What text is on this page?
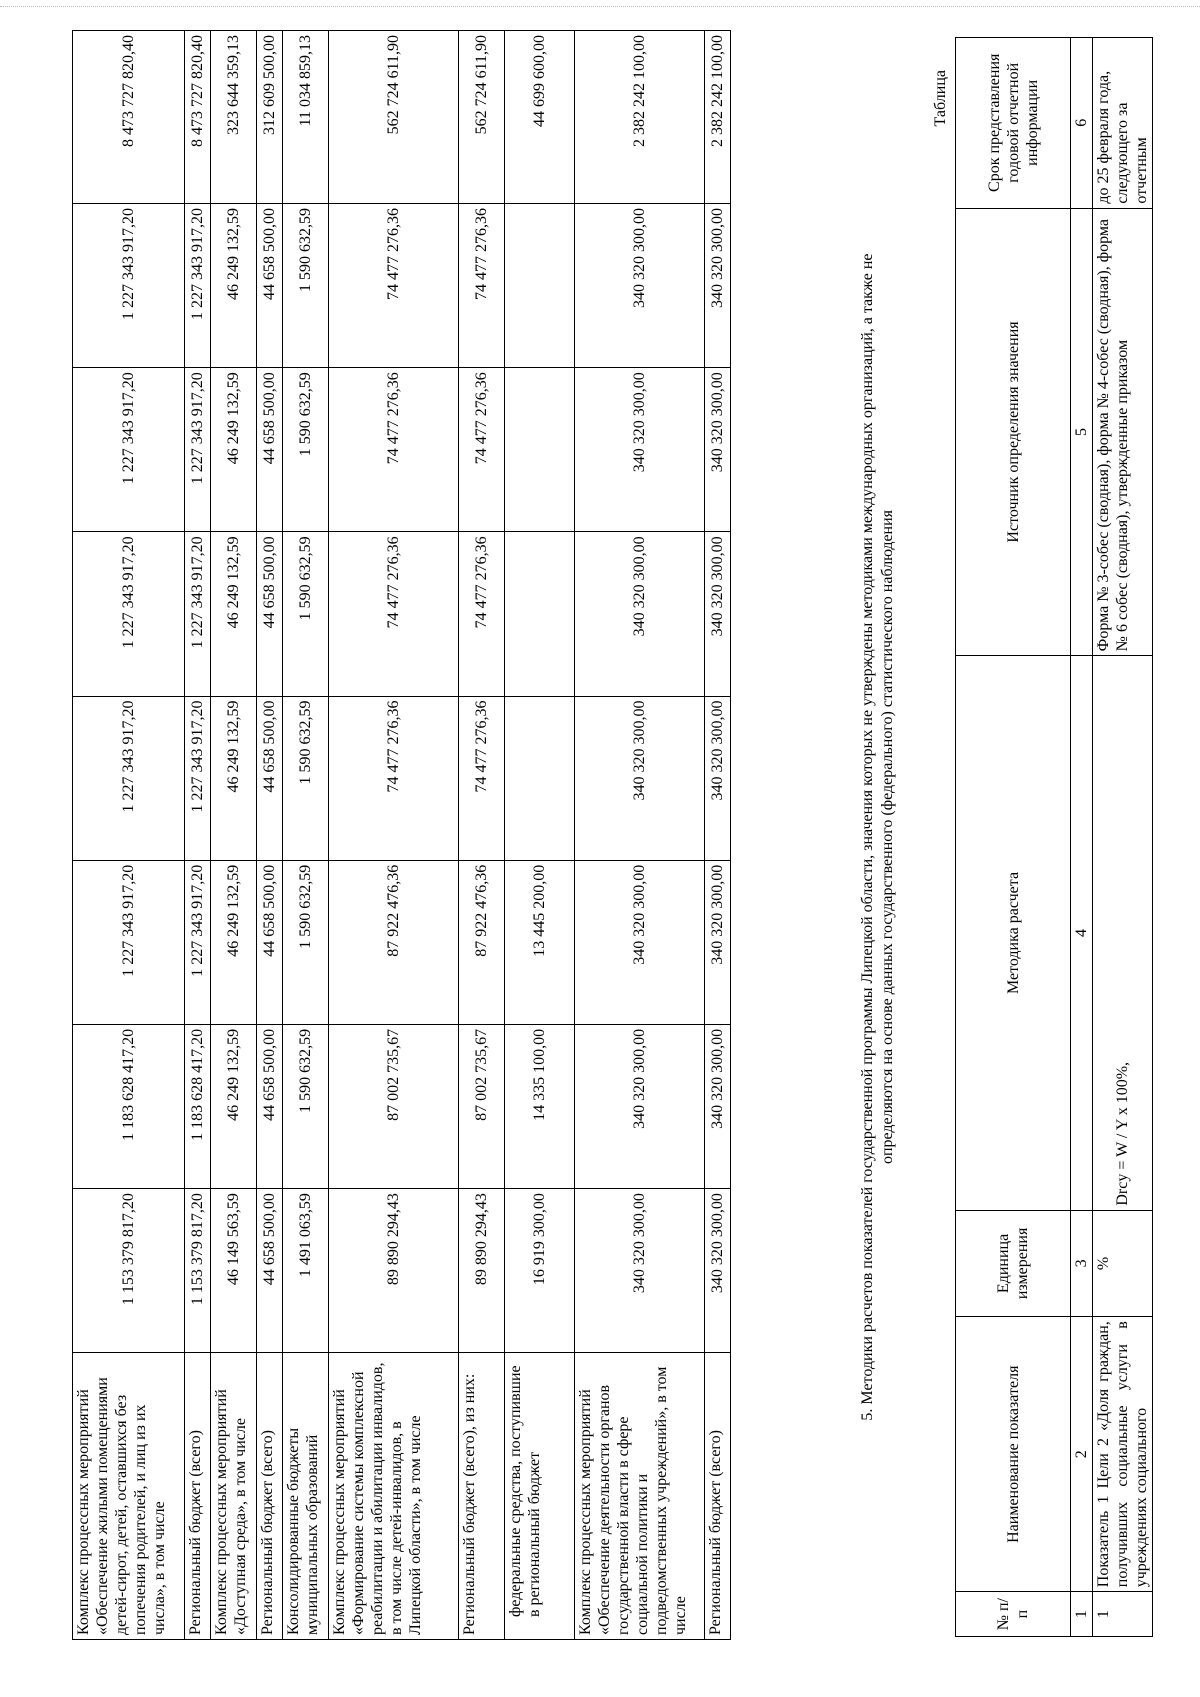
Комплекс процессных мероприятий «Обеспечение жилыми помещениями детей-сирот, детей, оставшихся без попечения родителей, и лиц из их числа», в том числе	1 153 379 817,20	1 183 628 417,20	1 227 343 917,20	1 227 343 917,20	1 227 343 917,20	1 227 343 917,20	1 227 343 917,20	8 473 727 820,40
Региональный бюджет (всего)	1 153 379 817,20	1 183 628 417,20	1 227 343 917,20	1 227 343 917,20	1 227 343 917,20	1 227 343 917,20	1 227 343 917,20	8 473 727 820,40
Комплекс процессных мероприятий «Доступная среда», в том числе	46 149 563,59	46 249 132,59	46 249 132,59	46 249 132,59	46 249 132,59	46 249 132,59	46 249 132,59	323 644 359,13
Региональный бюджет (всего)	44 658 500,00	44 658 500,00	44 658 500,00	44 658 500,00	44 658 500,00	44 658 500,00	44 658 500,00	312 609 500,00
Консолидированные бюджеты муниципальных образований	1 491 063,59	1 590 632,59	1 590 632,59	1 590 632,59	1 590 632,59	1 590 632,59	1 590 632,59	11 034 859,13
Комплекс процессных мероприятий «Формирование системы комплексной реабилитации и абилитации инвалидов, в том числе детей-инвалидов, в Липецкой области», в том числе	89 890 294,43	87 002 735,67	87 922 476,36	74 477 276,36	74 477 276,36	74 477 276,36	74 477 276,36	562 724 611,90
Региональный бюджет (всего), из них:	89 890 294,43	87 002 735,67	87 922 476,36	74 477 276,36	74 477 276,36	74 477 276,36	74 477 276,36	562 724 611,90
федеральные средства, поступившие в региональный бюджет	16 919 300,00	14 335 100,00	13 445 200,00					44 699 600,00
Комплекс процессных мероприятий «Обеспечение деятельности органов государственной власти в сфере социальной политики и подведомственных учреждений», в том числе	340 320 300,00	340 320 300,00	340 320 300,00	340 320 300,00	340 320 300,00	340 320 300,00	340 320 300,00	2 382 242 100,00
Региональный бюджет (всего)	340 320 300,00	340 320 300,00	340 320 300,00	340 320 300,00	340 320 300,00	340 320 300,00	340 320 300,00	2 382 242 100,00
5. Методики расчетов показателей государственной программы Липецкой области, значения которых не утверждены методиками международных организаций, а также не определяются на основе данных государственного (федерального) статистического наблюдения
Таблица
№ п/п	Наименование показателя	Единица измерения	Методика расчета	Источник определения значения	Срок представления годовой отчетной информации
1	2	3	4	5	6
1	Показатель 1 Цели 2 «Доля граждан, получивших социальные услуги в учреждениях социального	%	Drcy = W / Y x 100%,	Форма № 3-собес (сводная), форма № 4-собес (сводная), форма № 6 собес (сводная), утвержденные приказом	до 25 февраля года, следующего за отчетным
